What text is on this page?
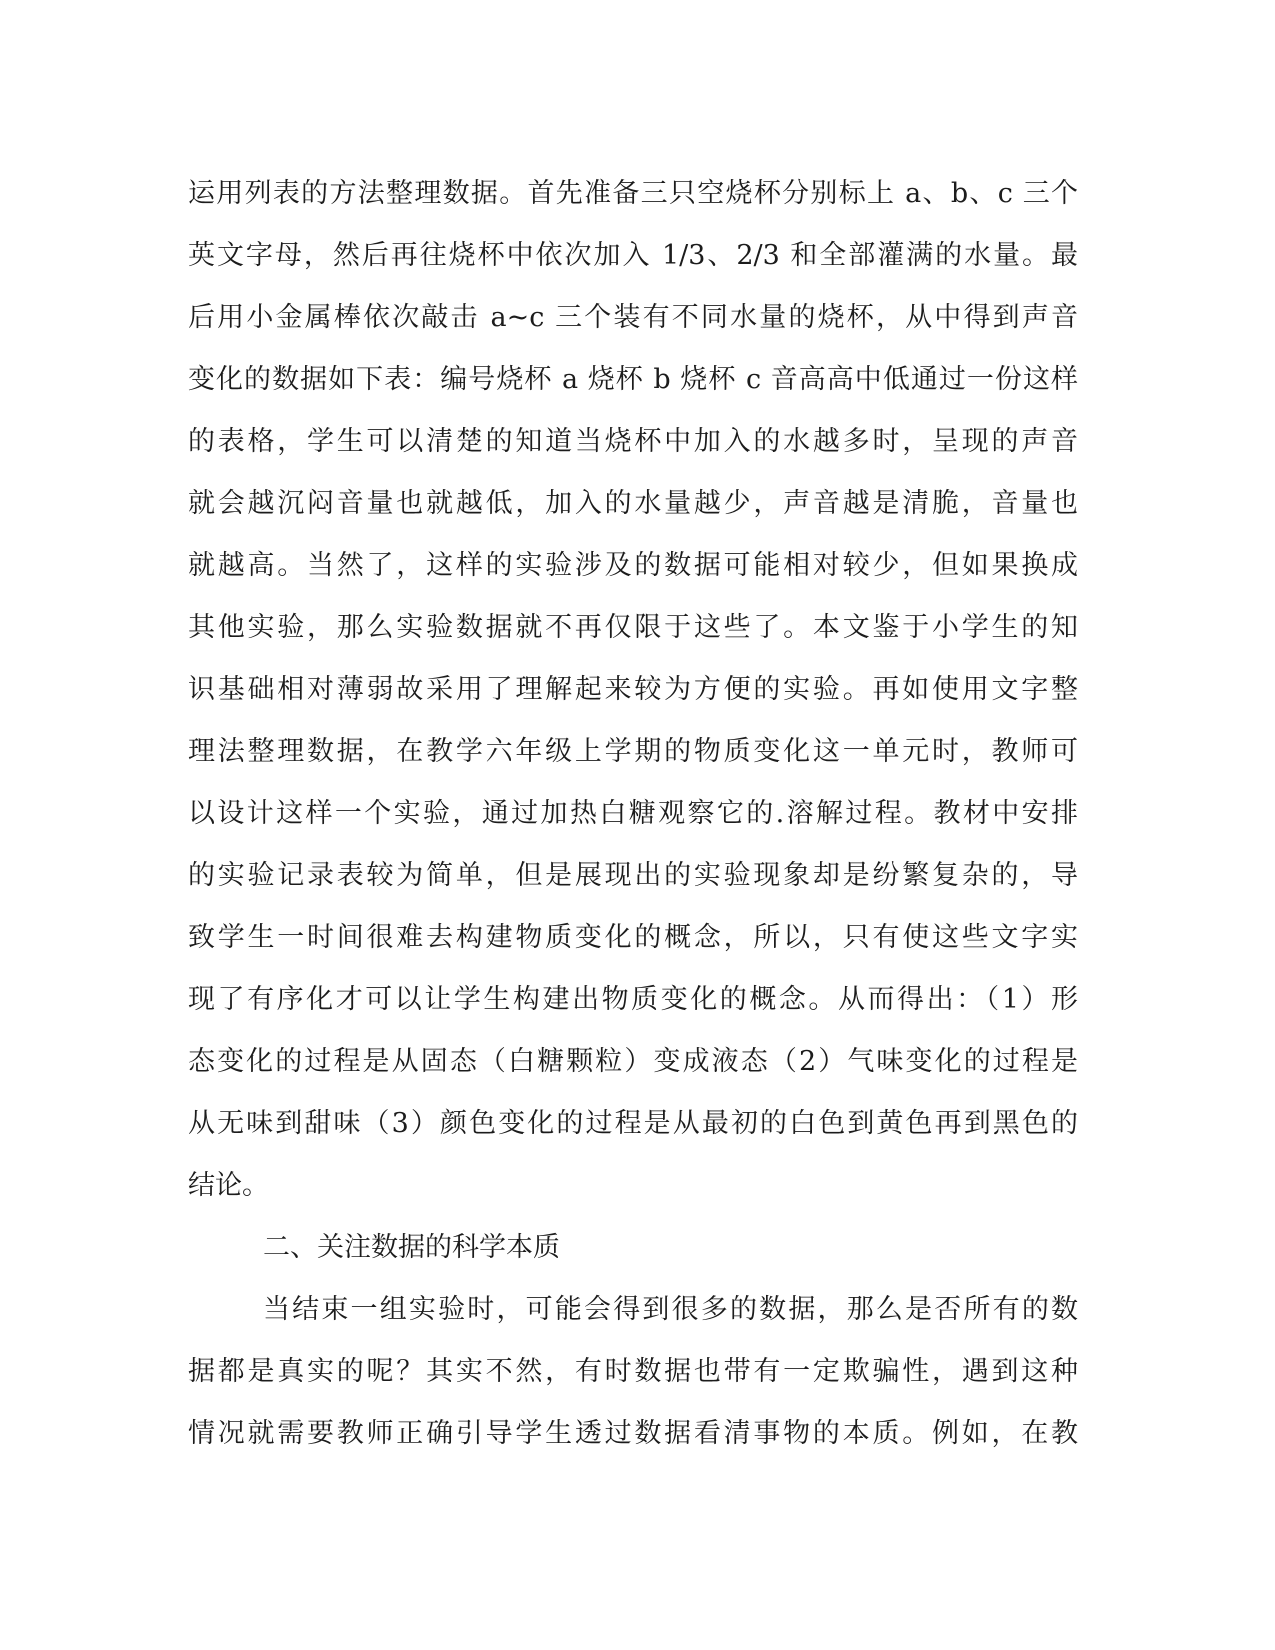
运用列表的方法整理数据。首先准备三只空烧杯分别标上 a、b、c 三个
英文字母，然后再往烧杯中依次加入 1/3、2/3 和全部灌满的水量。最
后用小金属棒依次敲击 a~c 三个装有不同水量的烧杯，从中得到声音
变化的数据如下表：编号烧杯 a 烧杯 b 烧杯 c 音高高中低通过一份这样
的表格，学生可以清楚的知道当烧杯中加入的水越多时，呈现的声音
就会越沉闷音量也就越低，加入的水量越少，声音越是清脆，音量也
就越高。当然了，这样的实验涉及的数据可能相对较少，但如果换成
其他实验，那么实验数据就不再仅限于这些了。本文鉴于小学生的知
识基础相对薄弱故采用了理解起来较为方便的实验。再如使用文字整
理法整理数据，在教学六年级上学期的物质变化这一单元时，教师可
以设计这样一个实验，通过加热白糖观察它的.溶解过程。教材中安排
的实验记录表较为简单，但是展现出的实验现象却是纷繁复杂的，导
致学生一时间很难去构建物质变化的概念，所以，只有使这些文字实
现了有序化才可以让学生构建出物质变化的概念。从而得出：（1）形
态变化的过程是从固态（白糖颗粒）变成液态（2）气味变化的过程是
从无味到甜味（3）颜色变化的过程是从最初的白色到黄色再到黑色的
结论。
二、关注数据的科学本质
当结束一组实验时，可能会得到很多的数据，那么是否所有的数
据都是真实的呢？其实不然，有时数据也带有一定欺骗性，遇到这种
情况就需要教师正确引导学生透过数据看清事物的本质。例如，在教
